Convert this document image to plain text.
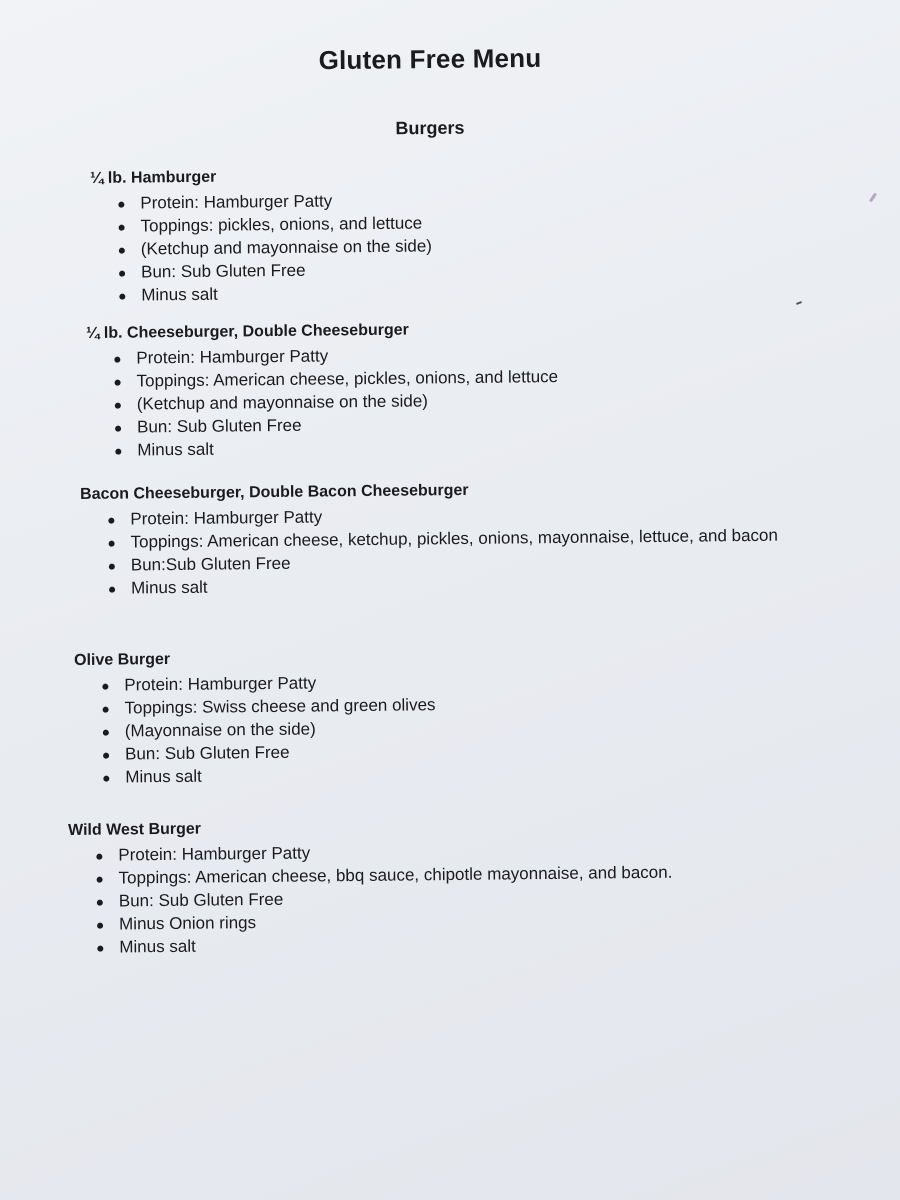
Gluten Free Menu
Burgers
¼ lb. Hamburger
Protein: Hamburger Patty
Toppings: pickles, onions, and lettuce
(Ketchup and mayonnaise on the side)
Bun: Sub Gluten Free
Minus salt
¼ lb. Cheeseburger, Double Cheeseburger
Protein: Hamburger Patty
Toppings: American cheese, pickles, onions, and lettuce
(Ketchup and mayonnaise on the side)
Bun: Sub Gluten Free
Minus salt
Bacon Cheeseburger, Double Bacon Cheeseburger
Protein: Hamburger Patty
Toppings: American cheese, ketchup, pickles, onions, mayonnaise, lettuce, and bacon
Bun:Sub Gluten Free
Minus salt
Olive Burger
Protein: Hamburger Patty
Toppings: Swiss cheese and green olives
(Mayonnaise on the side)
Bun: Sub Gluten Free
Minus salt
Wild West Burger
Protein: Hamburger Patty
Toppings: American cheese, bbq sauce, chipotle mayonnaise, and bacon.
Bun: Sub Gluten Free
Minus Onion rings
Minus salt
